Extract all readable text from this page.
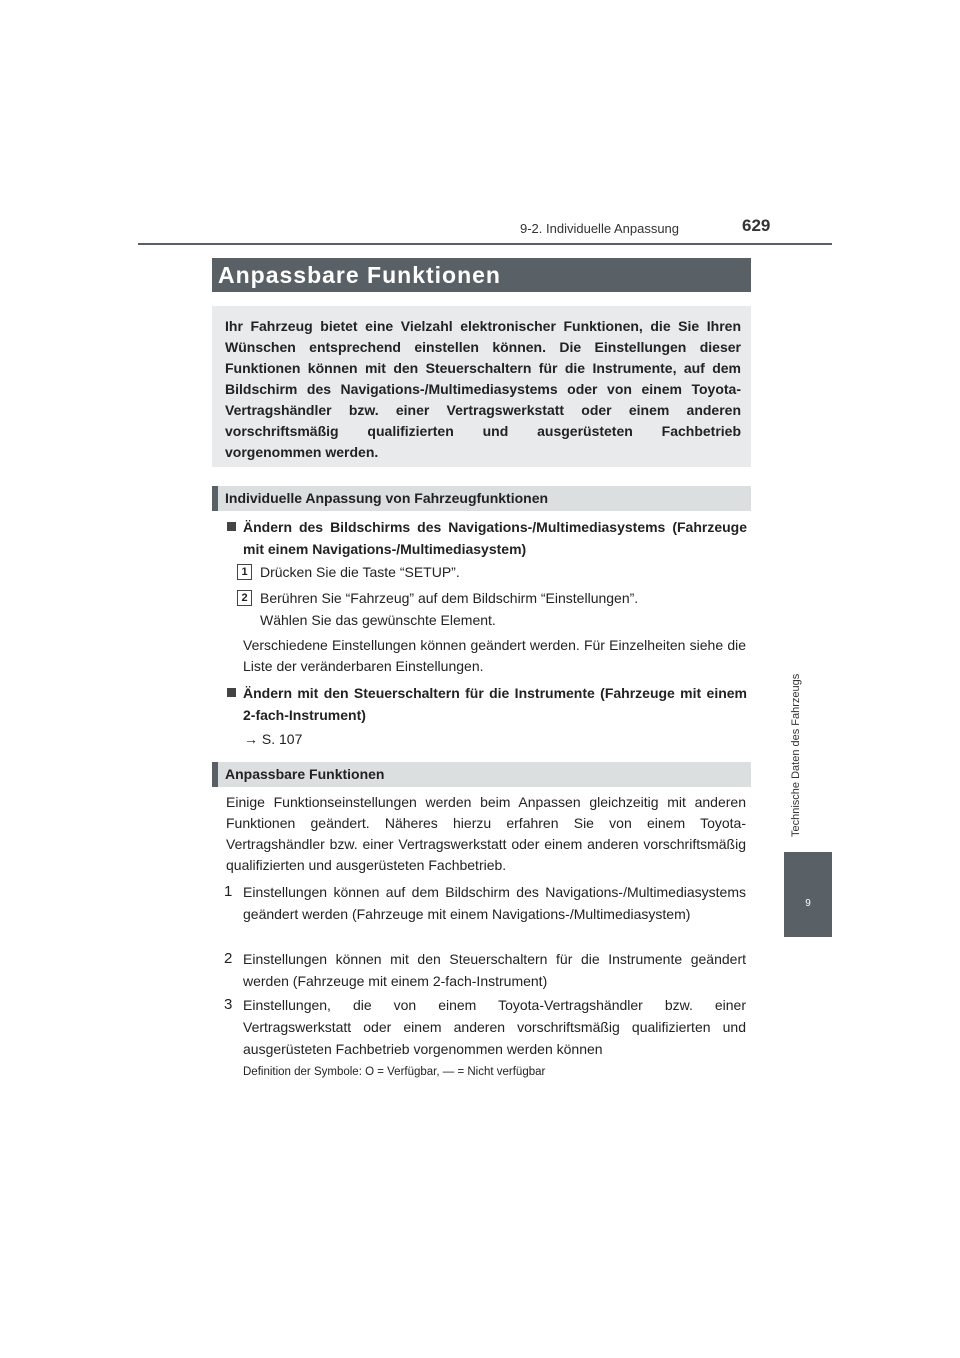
9-2. Individuelle Anpassung	629
Technische Daten des Fahrzeugs
9
Anpassbare Funktionen

Ihr Fahrzeug bietet eine Vielzahl elektronischer Funktionen, die Sie Ihren Wünschen entsprechend einstellen können. Die Einstellungen dieser Funktionen können mit den Steuerschaltern für die Instrumente, auf dem Bildschirm des Navigations-/Multimediasystems oder von einem Toyota-Vertragshändler bzw. einer Vertragswerkstatt oder einem anderen vorschriftsmäßig qualifizierten und ausgerüsteten Fachbetrieb vorgenommen werden.

Individuelle Anpassung von Fahrzeugfunktionen
Ändern des Bildschirms des Navigations-/Multimediasystems (Fahrzeuge mit einem Navigations-/Multimediasystem)
1 Drücken Sie die Taste “SETUP”.
2 Berühren Sie “Fahrzeug” auf dem Bildschirm “Einstellungen”.
Wählen Sie das gewünschte Element.
Verschiedene Einstellungen können geändert werden. Für Einzelheiten siehe die Liste der veränderbaren Einstellungen.
Ändern mit den Steuerschaltern für die Instrumente (Fahrzeuge mit einem 2-fach-Instrument)
→ S. 107
Anpassbare Funktionen
Einige Funktionseinstellungen werden beim Anpassen gleichzeitig mit anderen Funktionen geändert. Näheres hierzu erfahren Sie von einem Toyota-Vertragshändler bzw. einer Vertragswerkstatt oder einem anderen vorschriftsmäßig qualifizierten und ausgerüsteten Fachbetrieb.
1 Einstellungen können auf dem Bildschirm des Navigations-/Multimediasystems geändert werden (Fahrzeuge mit einem Navigations-/Multimediasystem)
2 Einstellungen können mit den Steuerschaltern für die Instrumente geändert werden (Fahrzeuge mit einem 2-fach-Instrument)
3 Einstellungen, die von einem Toyota-Vertragshändler bzw. einer Vertragswerkstatt oder einem anderen vorschriftsmäßig qualifizierten und ausgerüsteten Fachbetrieb vorgenommen werden können
Definition der Symbole: O = Verfügbar, — = Nicht verfügbar
